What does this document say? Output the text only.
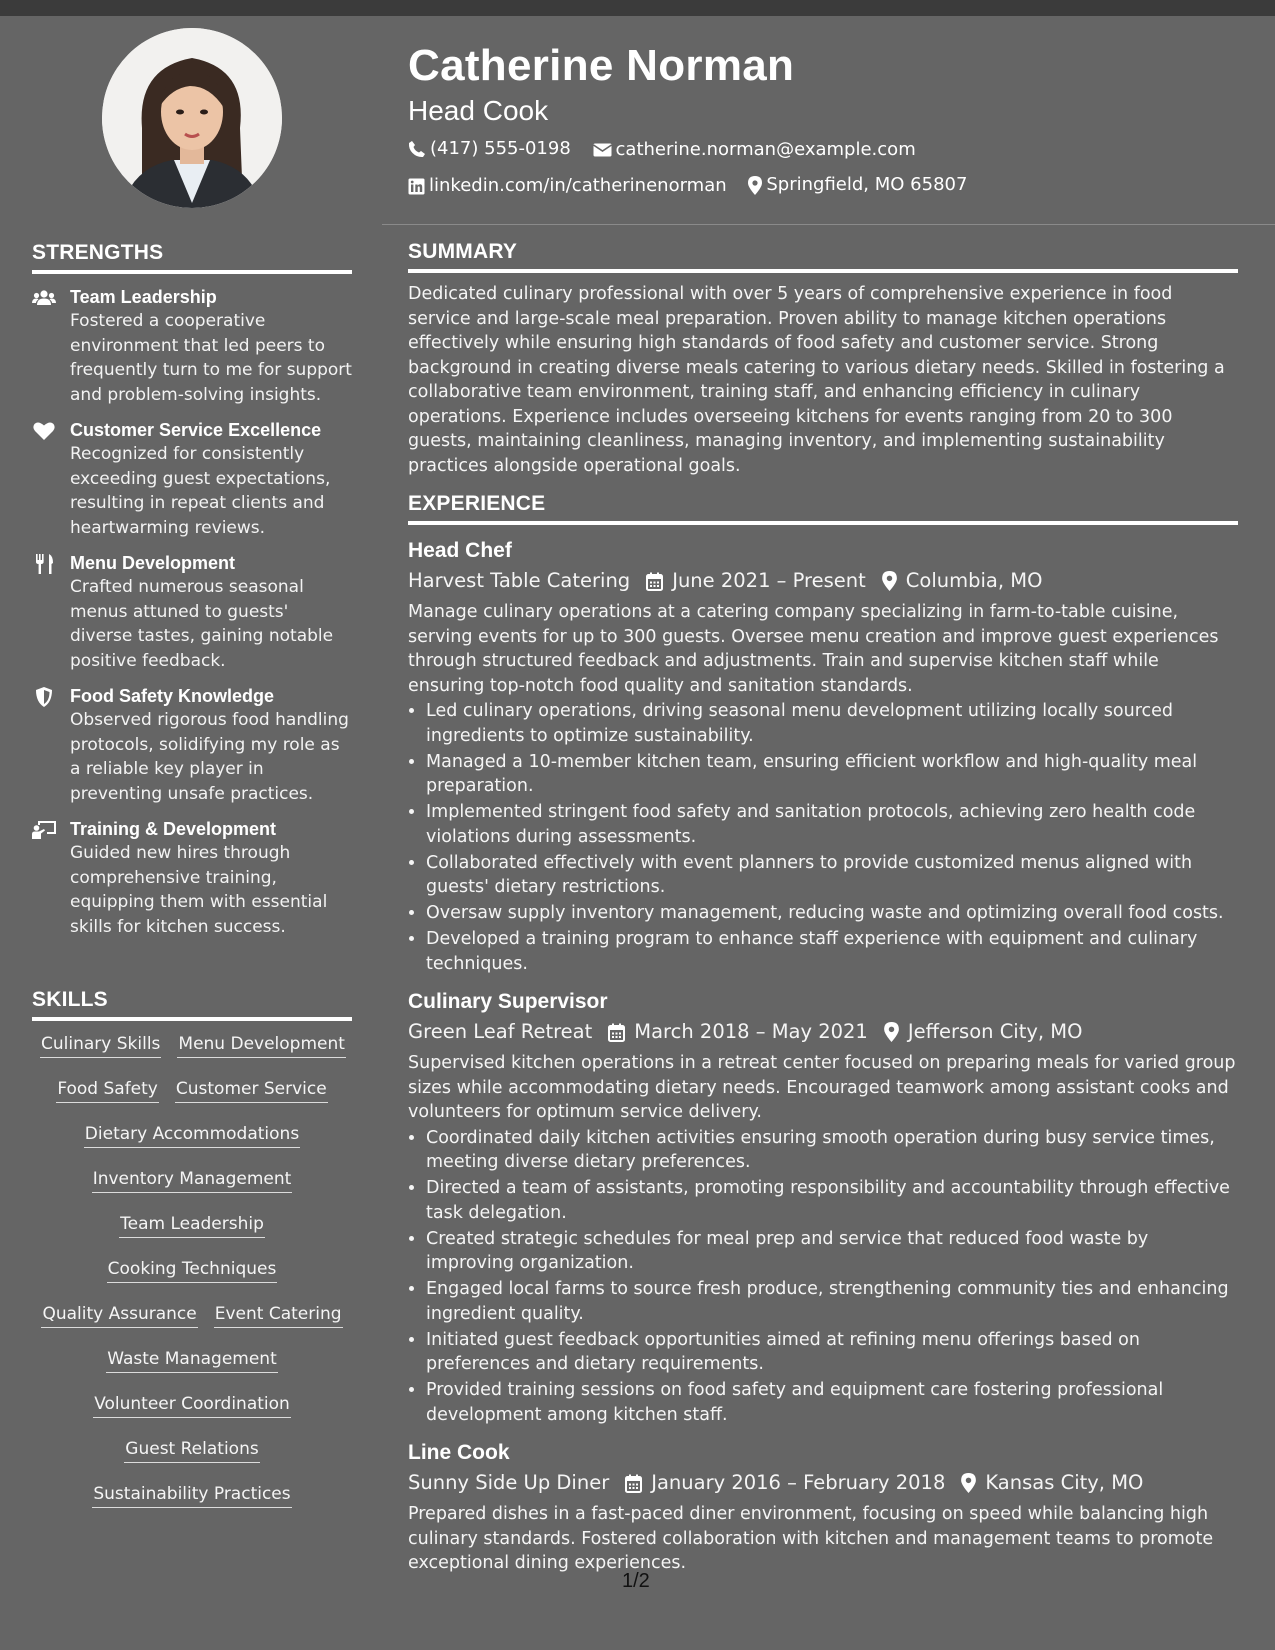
STRENGTHS
Team Leadership
Fostered a cooperative environment that led peers to frequently turn to me for support and problem-solving insights.
Customer Service Excellence
Recognized for consistently exceeding guest expectations, resulting in repeat clients and heartwarming reviews.
Menu Development
Crafted numerous seasonal menus attuned to guests' diverse tastes, gaining notable positive feedback.
Food Safety Knowledge
Observed rigorous food handling protocols, solidifying my role as a reliable key player in preventing unsafe practices.
Training & Development
Guided new hires through comprehensive training, equipping them with essential skills for kitchen success.
SKILLS
Culinary Skills Menu Development
Food Safety Customer Service
Dietary Accommodations
Inventory Management
Team Leadership
Cooking Techniques
Quality Assurance Event Catering
Waste Management
Volunteer Coordination
Guest Relations
Sustainability Practices
Catherine Norman
Head Cook
(417) 555-0198
catherine.norman@example.com
linkedin.com/in/catherinenorman
Springfield, MO 65807
SUMMARY
Dedicated culinary professional with over 5 years of comprehensive experience in food service and large-scale meal preparation. Proven ability to manage kitchen operations effectively while ensuring high standards of food safety and customer service. Strong background in creating diverse meals catering to various dietary needs. Skilled in fostering a collaborative team environment, training staff, and enhancing efficiency in culinary operations. Experience includes overseeing kitchens for events ranging from 20 to 300 guests, maintaining cleanliness, managing inventory, and implementing sustainability practices alongside operational goals.
EXPERIENCE
Head Chef
Harvest Table Catering June 2021 – Present Columbia, MO
Manage culinary operations at a catering company specializing in farm-to-table cuisine, serving events for up to 300 guests. Oversee menu creation and improve guest experiences through structured feedback and adjustments. Train and supervise kitchen staff while ensuring top-notch food quality and sanitation standards.
• Led culinary operations, driving seasonal menu development utilizing locally sourced ingredients to optimize sustainability.
• Managed a 10-member kitchen team, ensuring efficient workflow and high-quality meal preparation.
• Implemented stringent food safety and sanitation protocols, achieving zero health code violations during assessments.
• Collaborated effectively with event planners to provide customized menus aligned with guests' dietary restrictions.
• Oversaw supply inventory management, reducing waste and optimizing overall food costs.
• Developed a training program to enhance staff experience with equipment and culinary techniques.
Culinary Supervisor
Green Leaf Retreat March 2018 – May 2021 Jefferson City, MO
Supervised kitchen operations in a retreat center focused on preparing meals for varied group sizes while accommodating dietary needs. Encouraged teamwork among assistant cooks and volunteers for optimum service delivery.
• Coordinated daily kitchen activities ensuring smooth operation during busy service times, meeting diverse dietary preferences.
• Directed a team of assistants, promoting responsibility and accountability through effective task delegation.
• Created strategic schedules for meal prep and service that reduced food waste by improving organization.
• Engaged local farms to source fresh produce, strengthening community ties and enhancing ingredient quality.
• Initiated guest feedback opportunities aimed at refining menu offerings based on preferences and dietary requirements.
• Provided training sessions on food safety and equipment care fostering professional development among kitchen staff.
Line Cook
Sunny Side Up Diner January 2016 – February 2018 Kansas City, MO
Prepared dishes in a fast-paced diner environment, focusing on speed while balancing high culinary standards. Fostered collaboration with kitchen and management teams to promote exceptional dining experiences.
1/2
